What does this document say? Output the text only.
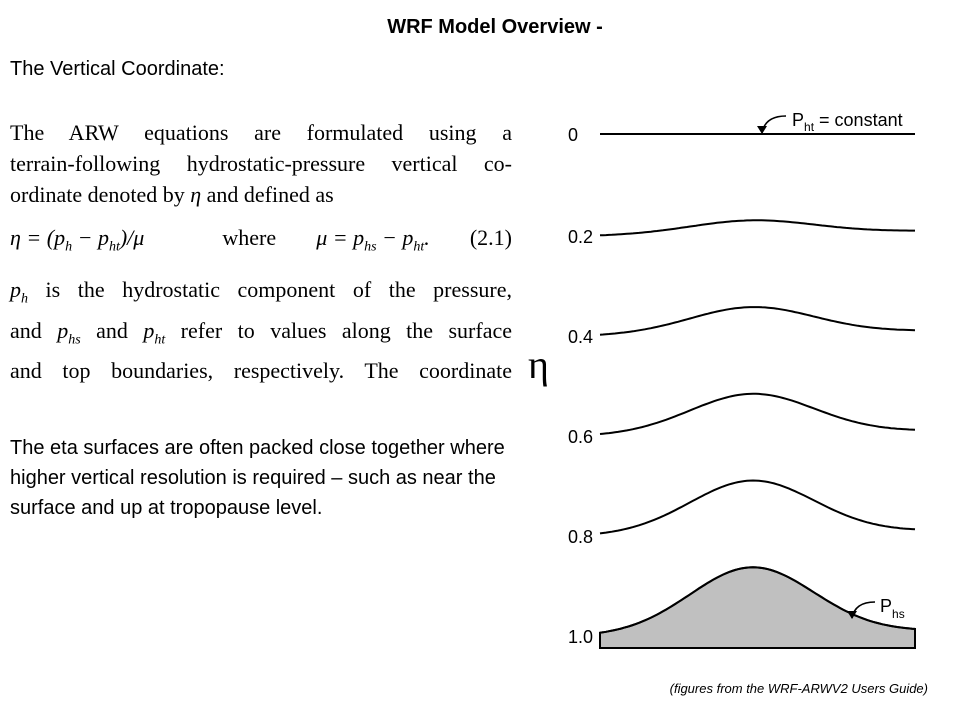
WRF Model Overview -
The Vertical Coordinate:
The ARW equations are formulated using a
terrain-following hydrostatic-pressure vertical co-
ordinate denoted by η and defined as
$\eta = (p_h - p_{ht})/\mu$	where $\mu = p_{hs} - p_{ht}$. (2.1)
$p_h$ is the hydrostatic component of the pressure,
and $p_{hs}$ and $p_{ht}$ refer to values along the surface
and top boundaries, respectively. The coordinate
The eta surfaces are often packed close together where higher vertical resolution is required – such as near the surface and up at tropopause level.
η
0
0.2
0.4
0.6
0.8
1.0
$P_{ht}$ = constant
$P_{hs}$
(figures from the WRF-ARWV2 Users Guide)
